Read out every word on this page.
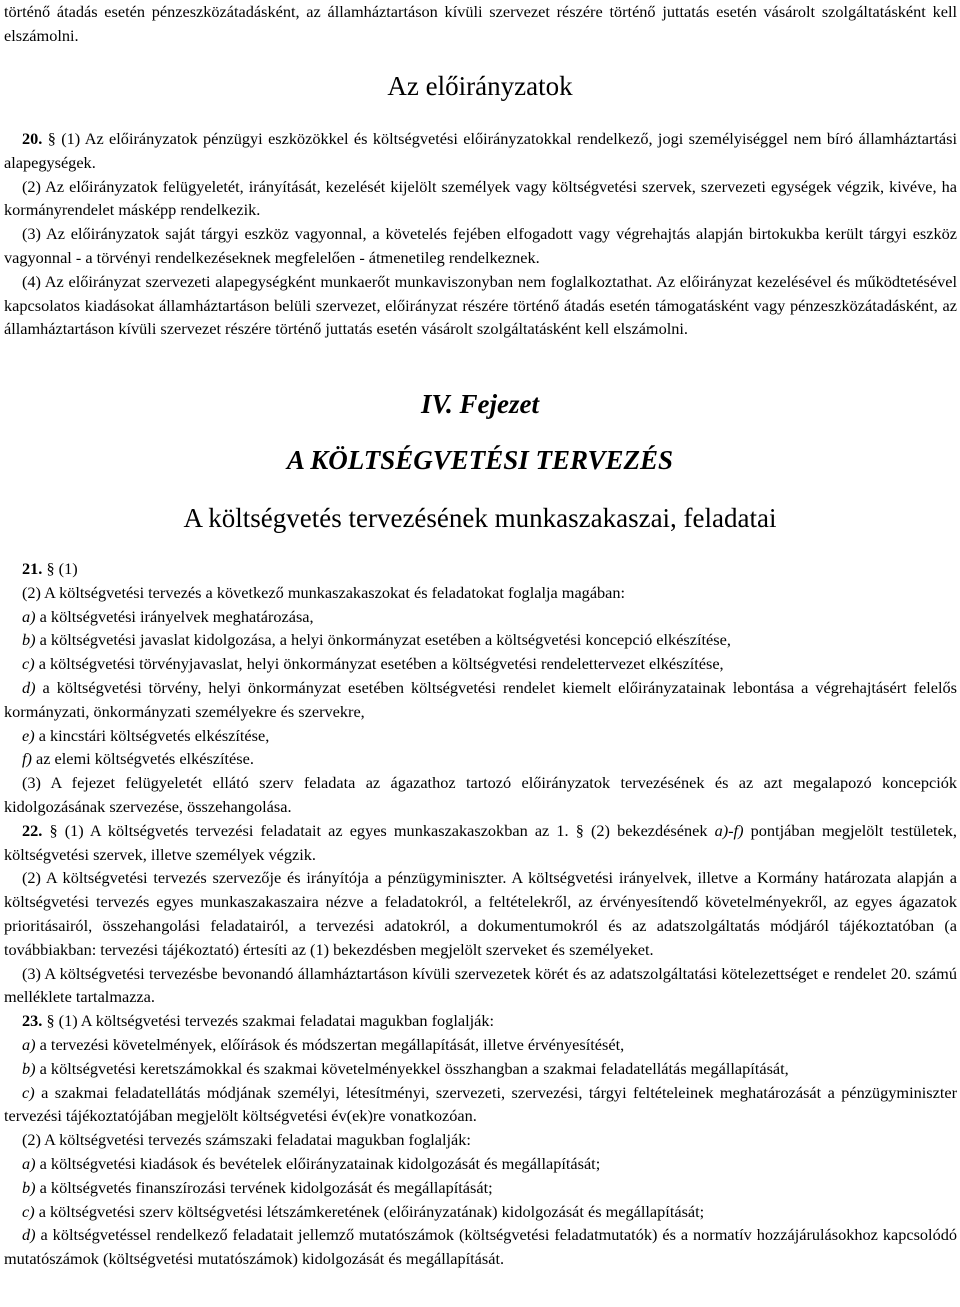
történő átadás esetén pénzeszközátadásként, az államháztartáson kívüli szervezet részére történő juttatás esetén vásárolt szolgáltatásként kell elszámolni.

Az előirányzatok

20. § (1) Az előirányzatok pénzügyi eszközökkel és költségvetési előirányzatokkal rendelkező, jogi személyiséggel nem bíró államháztartási alapegységek.

(2) Az előirányzatok felügyeletét, irányítását, kezelését kijelölt személyek vagy költségvetési szervek, szervezeti egységek végzik, kivéve, ha kormányrendelet másképp rendelkezik.

(3) Az előirányzatok saját tárgyi eszköz vagyonnal, a követelés fejében elfogadott vagy végrehajtás alapján birtokukba került tárgyi eszköz vagyonnal - a törvényi rendelkezéseknek megfelelően - átmenetileg rendelkeznek.

(4) Az előirányzat szervezeti alapegységként munkaerőt munkaviszonyban nem foglalkoztathat. Az előirányzat kezelésével és működtetésével kapcsolatos kiadásokat államháztartáson belüli szervezet, előirányzat részére történő átadás esetén támogatásként vagy pénzeszközátadásként, az államháztartáson kívüli szervezet részére történő juttatás esetén vásárolt szolgáltatásként kell elszámolni.

IV. Fejezet
A KÖLTSÉGVETÉSI TERVEZÉS
A költségvetés tervezésének munkaszakaszai, feladatai

21. § (1)

(2) A költségvetési tervezés a következő munkaszakaszokat és feladatokat foglalja magában:

a) a költségvetési irányelvek meghatározása,

b) a költségvetési javaslat kidolgozása, a helyi önkormányzat esetében a költségvetési koncepció elkészítése,

c) a költségvetési törvényjavaslat, helyi önkormányzat esetében a költségvetési rendelettervezet elkészítése,

d) a költségvetési törvény, helyi önkormányzat esetében költségvetési rendelet kiemelt előirányzatainak lebontása a végrehajtásért felelős kormányzati, önkormányzati személyekre és szervekre,

e) a kincstári költségvetés elkészítése,

f) az elemi költségvetés elkészítése.

(3) A fejezet felügyeletét ellátó szerv feladata az ágazathoz tartozó előirányzatok tervezésének és az azt megalapozó koncepciók kidolgozásának szervezése, összehangolása.

22. § (1) A költségvetés tervezési feladatait az egyes munkaszakaszokban az 1. § (2) bekezdésének a)-f) pontjában megjelölt testületek, költségvetési szervek, illetve személyek végzik.

(2) A költségvetési tervezés szervezője és irányítója a pénzügyminiszter. A költségvetési irányelvek, illetve a Kormány határozata alapján a költségvetési tervezés egyes munkaszakaszaira nézve a feladatokról, a feltételekről, az érvényesítendő követelményekről, az egyes ágazatok prioritásairól, összehangolási feladatairól, a tervezési adatokról, a dokumentumokról és az adatszolgáltatás módjáról tájékoztatóban (a továbbiakban: tervezési tájékoztató) értesíti az (1) bekezdésben megjelölt szerveket és személyeket.

(3) A költségvetési tervezésbe bevonandó államháztartáson kívüli szervezetek körét és az adatszolgáltatási kötelezettséget e rendelet 20. számú melléklete tartalmazza.

23. § (1) A költségvetési tervezés szakmai feladatai magukban foglalják:

a) a tervezési követelmények, előírások és módszertan megállapítását, illetve érvényesítését,

b) a költségvetési keretszámokkal és szakmai követelményekkel összhangban a szakmai feladatellátás megállapítását,

c) a szakmai feladatellátás módjának személyi, létesítményi, szervezeti, szervezési, tárgyi feltételeinek meghatározását a pénzügyminiszter tervezési tájékoztatójában megjelölt költségvetési év(ek)re vonatkozóan.

(2) A költségvetési tervezés számszaki feladatai magukban foglalják:

a) a költségvetési kiadások és bevételek előirányzatainak kidolgozását és megállapítását;

b) a költségvetés finanszírozási tervének kidolgozását és megállapítását;

c) a költségvetési szerv költségvetési létszámkeretének (előirányzatának) kidolgozását és megállapítását;

d) a költségvetéssel rendelkező feladatait jellemző mutatószámok (költségvetési feladatmutatók) és a normatív hozzájárulásokhoz kapcsolódó mutatószámok (költségvetési mutatószámok) kidolgozását és megállapítását.
